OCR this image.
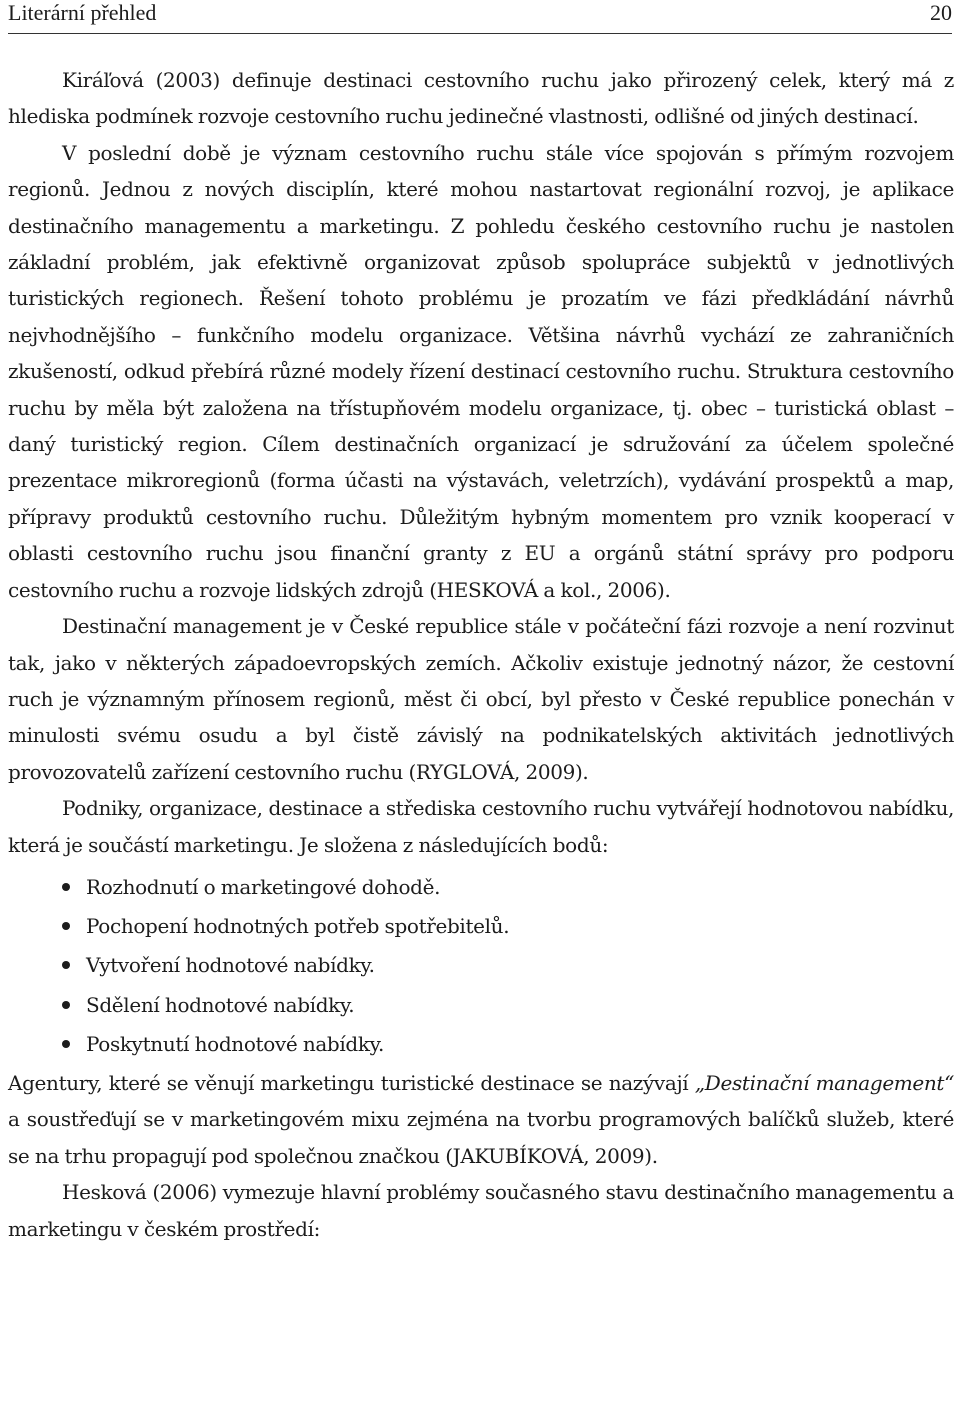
Literární přehled	20

Kiráľová (2003) definuje destinaci cestovního ruchu jako přirozený celek, který má z hlediska podmínek rozvoje cestovního ruchu jedinečné vlastnosti, odlišné od jiných destinací.

V poslední době je význam cestovního ruchu stále více spojován s přímým rozvojem regionů. Jednou z nových disciplín, které mohou nastartovat regionální rozvoj, je aplikace destinačního managementu a marketingu. Z pohledu českého cestovního ruchu je nastolen základní problém, jak efektivně organizovat způsob spolupráce subjektů v jednotlivých turistických regionech. Řešení tohoto problému je prozatím ve fázi předkládání návrhů nejvhodnějšího – funkčního modelu organizace. Většina návrhů vychází ze zahraničních zkušeností, odkud přebírá různé modely řízení destinací cestovního ruchu. Struktura cestovního ruchu by měla být založena na třístupňovém modelu organizace, tj. obec – turistická oblast – daný turistický region. Cílem destinačních organizací je sdružování za účelem společné prezentace mikroregionů (forma účasti na výstavách, veletrzích), vydávání prospektů a map, přípravy produktů cestovního ruchu. Důležitým hybným momentem pro vznik kooperací v oblasti cestovního ruchu jsou finanční granty z EU a orgánů státní správy pro podporu cestovního ruchu a rozvoje lidských zdrojů (HESKOVÁ a kol., 2006).

Destinační management je v České republice stále v počáteční fázi rozvoje a není rozvinut tak, jako v některých západoevropských zemích. Ačkoliv existuje jednotný názor, že cestovní ruch je významným přínosem regionů, měst či obcí, byl přesto v České republice ponechán v minulosti svému osudu a byl čistě závislý na podnikatelských aktivitách jednotlivých provozovatelů zařízení cestovního ruchu (RYGLOVÁ, 2009).

Podniky, organizace, destinace a střediska cestovního ruchu vytvářejí hodnotovou nabídku, která je součástí marketingu. Je složena z následujících bodů:

Rozhodnutí o marketingové dohodě.
Pochopení hodnotných potřeb spotřebitelů.
Vytvoření hodnotové nabídky.
Sdělení hodnotové nabídky.
Poskytnutí hodnotové nabídky.

Agentury, které se věnují marketingu turistické destinace se nazývají „Destinační management“ a soustřeďují se v marketingovém mixu zejména na tvorbu programových balíčků služeb, které se na trhu propagují pod společnou značkou (JAKUBÍKOVÁ, 2009).

Hesková (2006) vymezuje hlavní problémy současného stavu destinačního managementu a marketingu v českém prostředí:
